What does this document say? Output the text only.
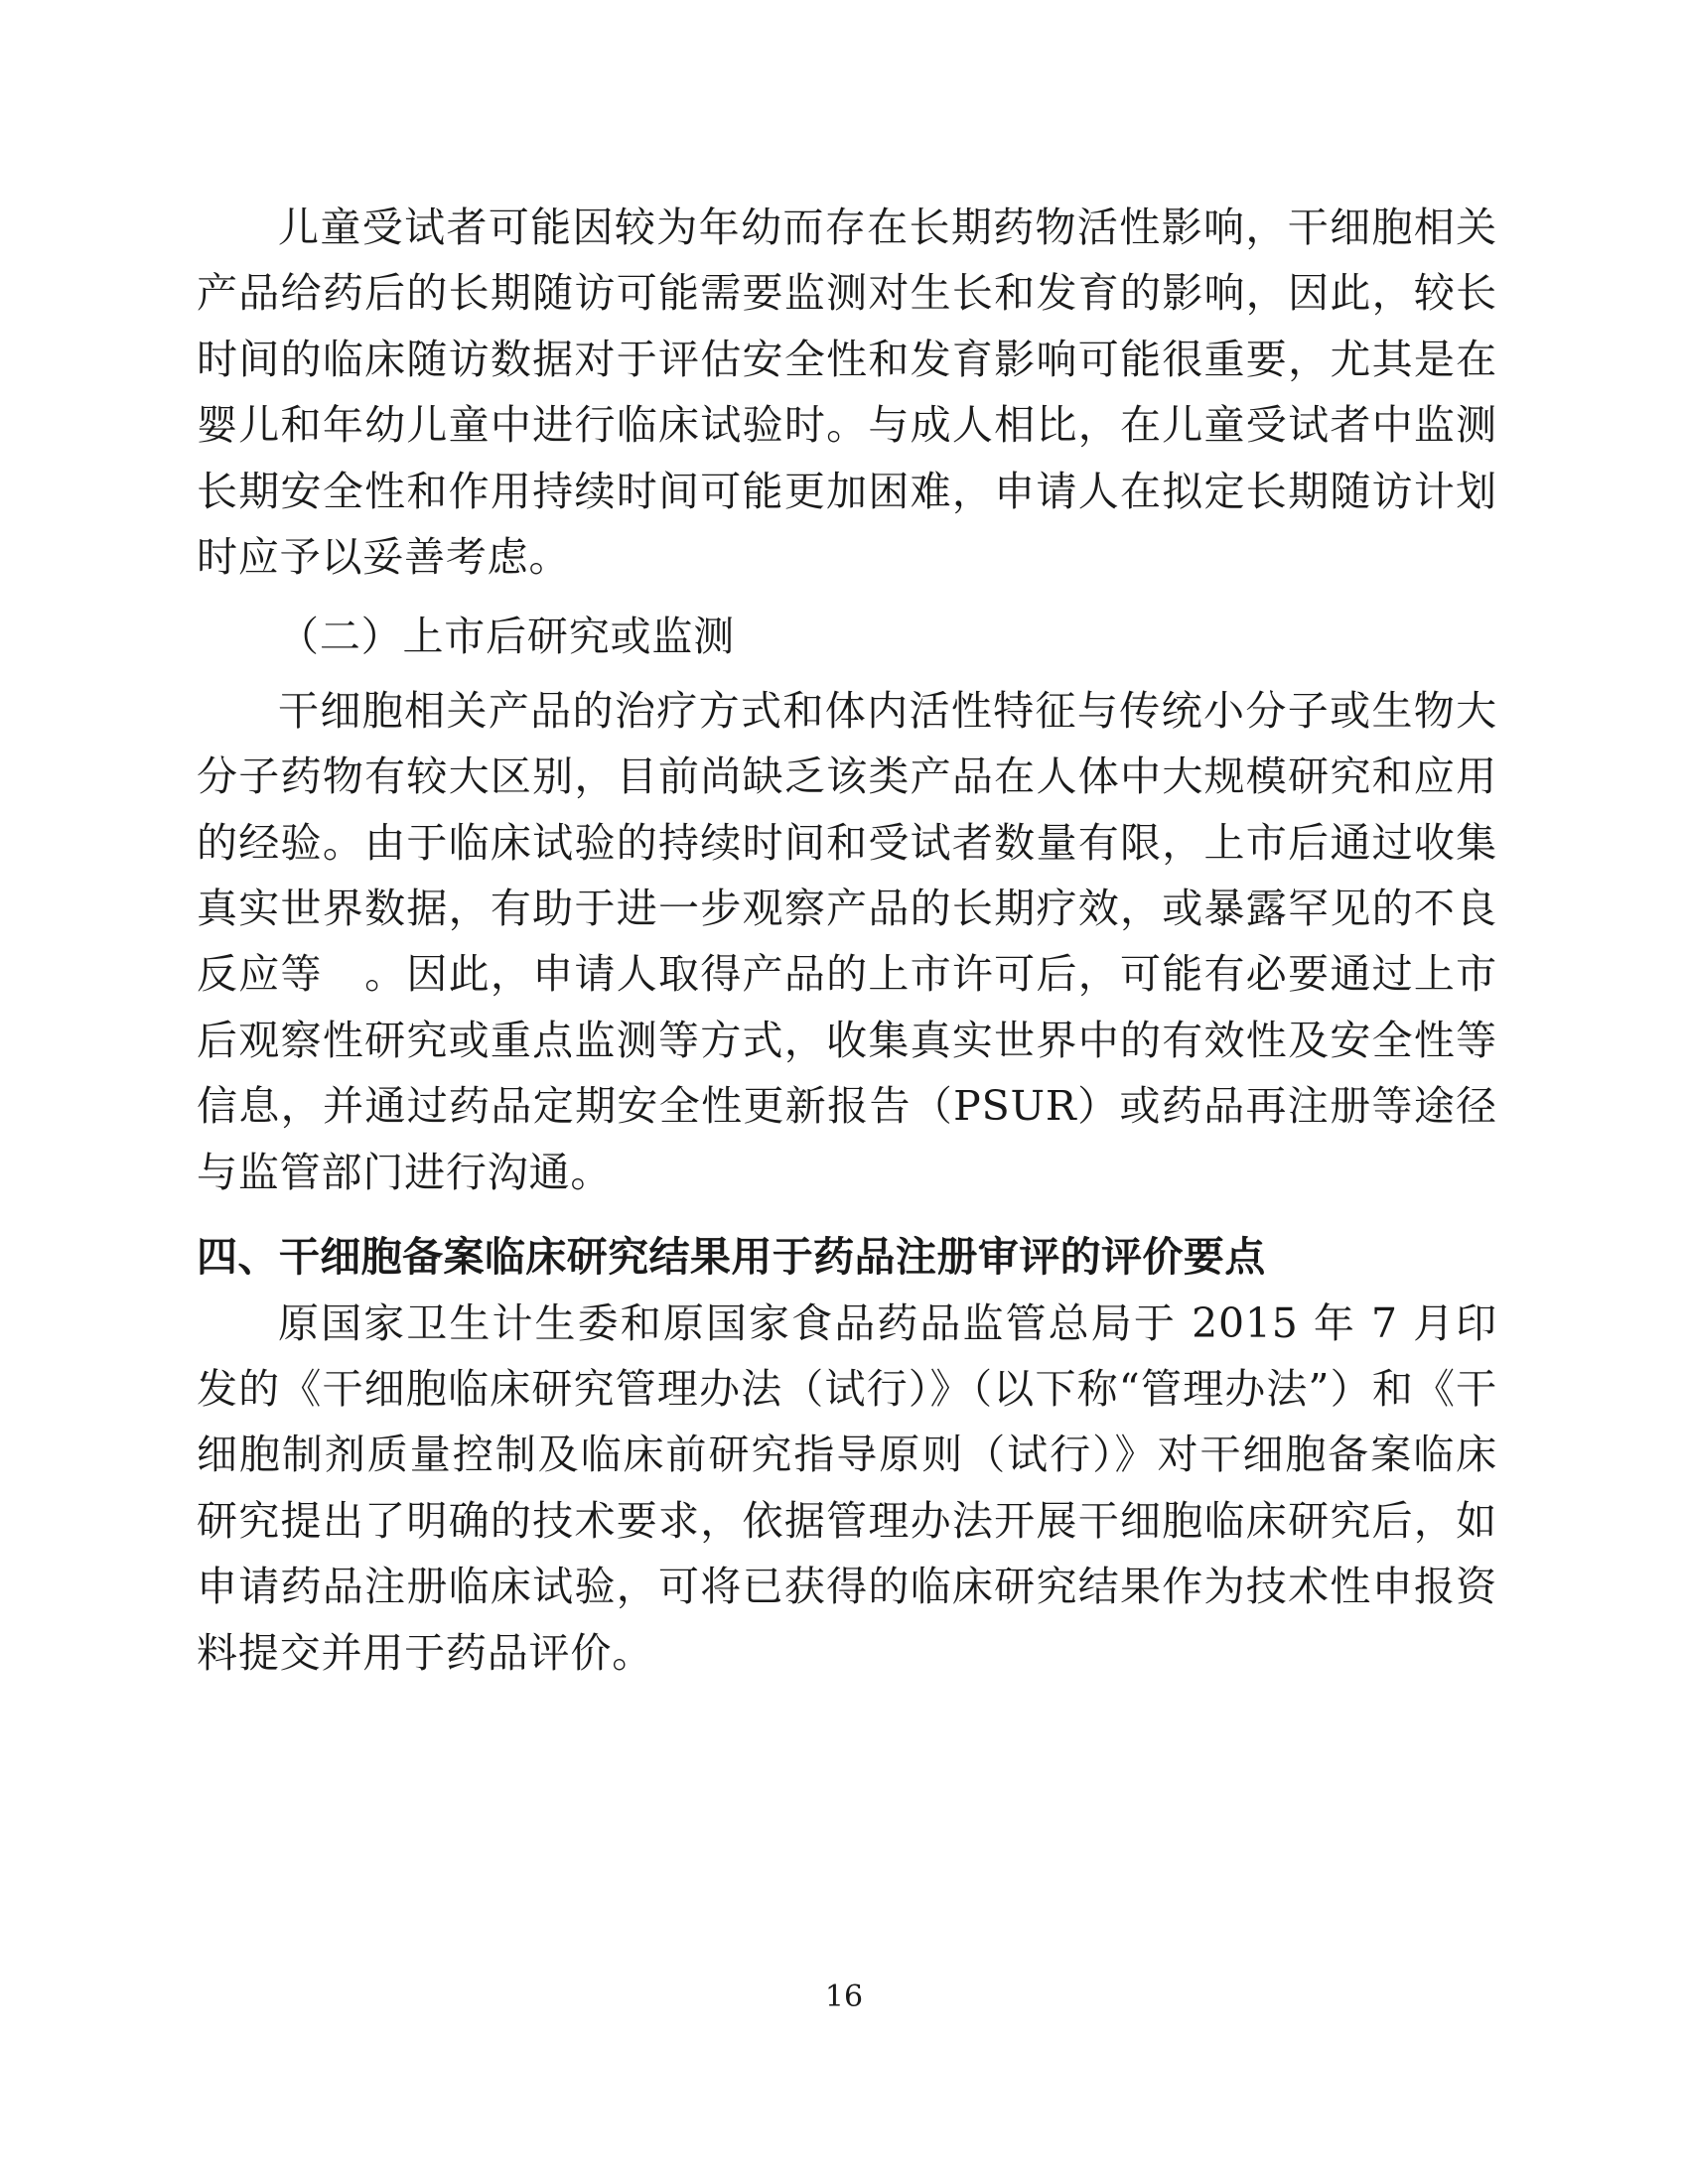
儿童受试者可能因较为年幼而存在长期药物活性影响，干细胞相关产品给药后的长期随访可能需要监测对生长和发育的影响，因此，较长时间的临床随访数据对于评估安全性和发育影响可能很重要，尤其是在婴儿和年幼儿童中进行临床试验时。与成人相比，在儿童受试者中监测长期安全性和作用持续时间可能更加困难，申请人在拟定长期随访计划时应予以妥善考虑。

（二）上市后研究或监测

干细胞相关产品的治疗方式和体内活性特征与传统小分子或生物大分子药物有较大区别，目前尚缺乏该类产品在人体中大规模研究和应用的经验。由于临床试验的持续时间和受试者数量有限，上市后通过收集真实世界数据，有助于进一步观察产品的长期疗效，或暴露罕见的不良反应等　。因此，申请人取得产品的上市许可后，可能有必要通过上市后观察性研究或重点监测等方式，收集真实世界中的有效性及安全性等信息，并通过药品定期安全性更新报告（PSUR）或药品再注册等途径与监管部门进行沟通。

四、干细胞备案临床研究结果用于药品注册审评的评价要点

原国家卫生计生委和原国家食品药品监管总局于 2015 年 7 月印发的《干细胞临床研究管理办法（试行）》（以下称“管理办法”）和《干细胞制剂质量控制及临床前研究指导原则（试行）》对干细胞备案临床研究提出了明确的技术要求，依据管理办法开展干细胞临床研究后，如申请药品注册临床试验，可将已获得的临床研究结果作为技术性申报资料提交并用于药品评价。

16
